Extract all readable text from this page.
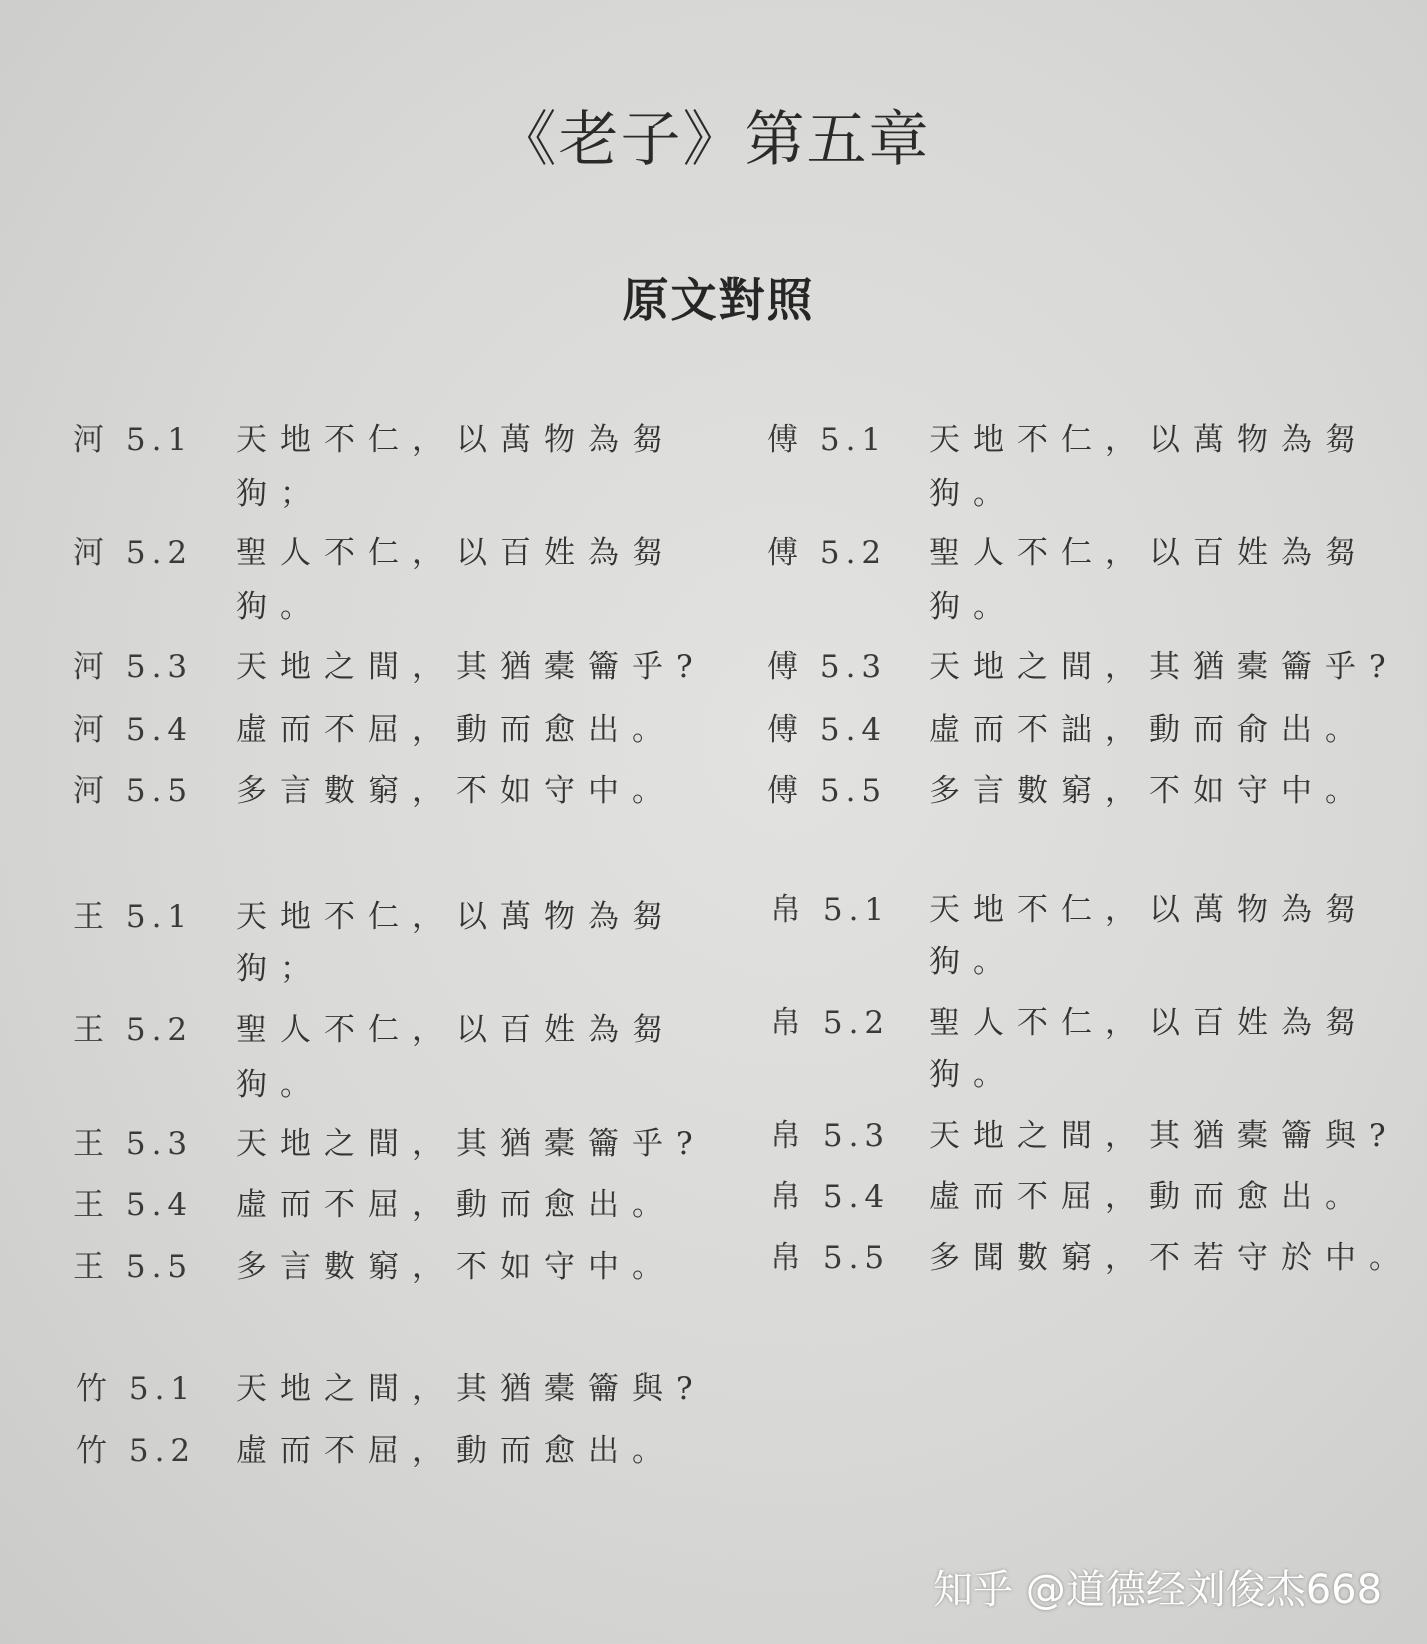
《老子》第五章
原文對照
河 5.1 天地不仁，以萬物為芻
狗；
河 5.2 聖人不仁，以百姓為芻
狗。
河 5.3 天地之間，其猶橐籥乎?
河 5.4 虛而不屈，動而愈出。
河 5.5 多言數窮，不如守中。
傅 5.1 天地不仁，以萬物為芻
狗。
傅 5.2 聖人不仁，以百姓為芻
狗。
傅 5.3 天地之間，其猶橐籥乎?
傅 5.4 虛而不詘，動而俞出。
傅 5.5 多言數窮，不如守中。
王 5.1 天地不仁，以萬物為芻
狗；
王 5.2 聖人不仁，以百姓為芻
狗。
王 5.3 天地之間，其猶橐籥乎?
王 5.4 虛而不屈，動而愈出。
王 5.5 多言數窮，不如守中。
帛 5.1 天地不仁，以萬物為芻
狗。
帛 5.2 聖人不仁，以百姓為芻
狗。
帛 5.3 天地之間，其猶橐籥與?
帛 5.4 虛而不屈，動而愈出。
帛 5.5 多聞數窮，不若守於中。
竹 5.1 天地之間，其猶橐籥與?
竹 5.2 虛而不屈，動而愈出。
知乎 @道德经刘俊杰668
